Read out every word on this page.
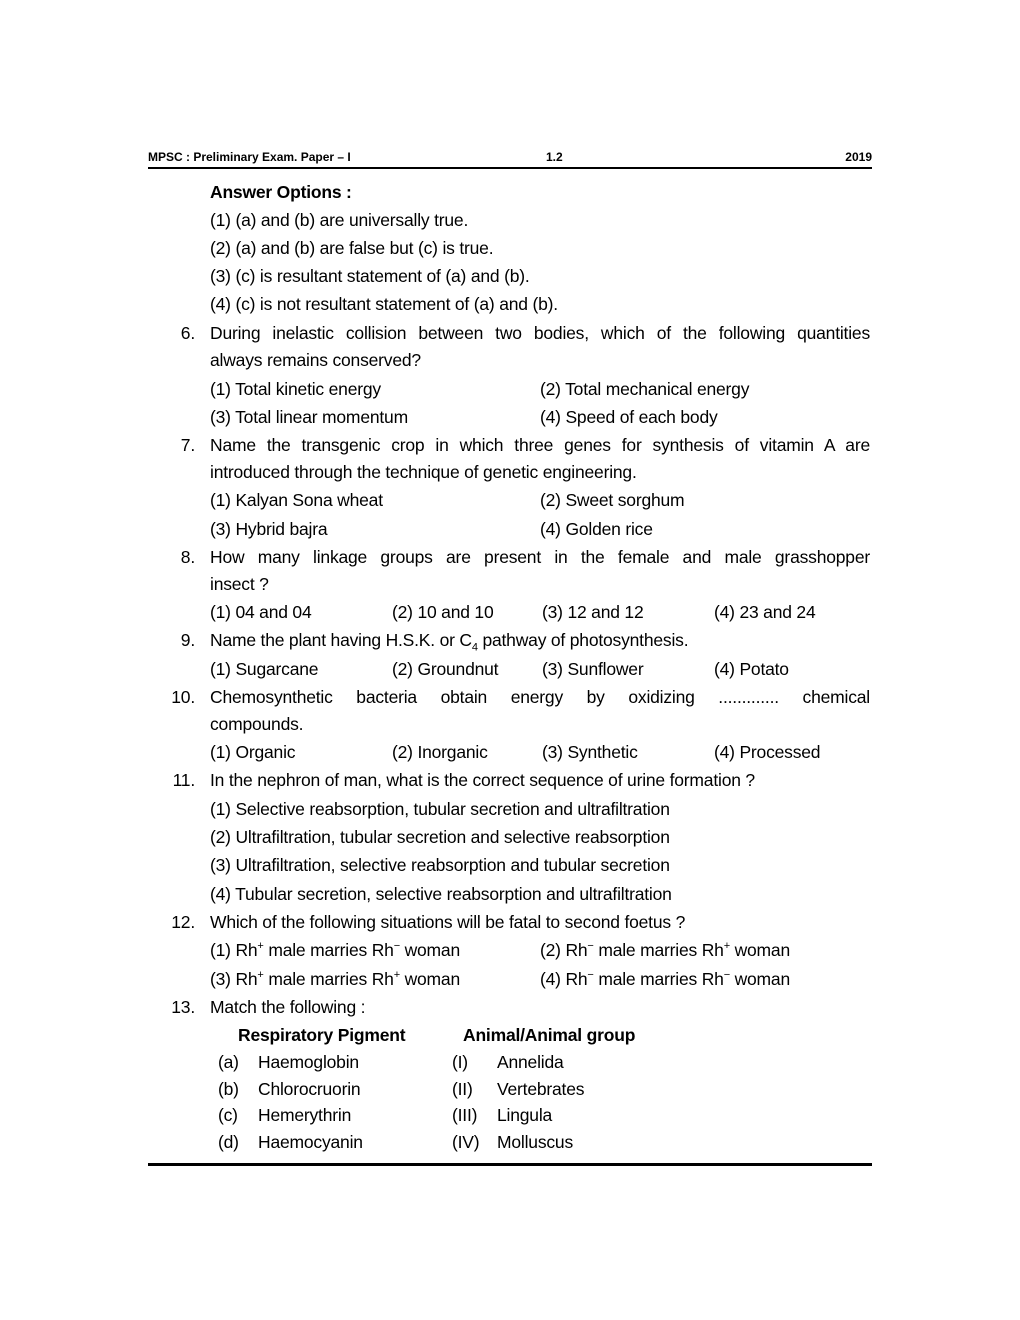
MPSC : Preliminary Exam. Paper – I	1.2	2019
Answer Options :
(1) (a) and (b) are universally true.
(2) (a) and (b) are false but (c) is true.
(3) (c) is resultant statement of (a) and (b).
(4) (c) is not resultant statement of (a) and (b).
6. During inelastic collision between two bodies, which of the following quantities
always remains conserved?
(1) Total kinetic energy	(2) Total mechanical energy
(3) Total linear momentum	(4) Speed of each body
7. Name the transgenic crop in which three genes for synthesis of vitamin A are
introduced through the technique of genetic engineering.
(1) Kalyan Sona wheat	(2) Sweet sorghum
(3) Hybrid bajra	(4) Golden rice
8. How many linkage groups are present in the female and male grasshopper
insect ?
(1) 04 and 04	(2) 10 and 10	(3) 12 and 12	(4) 23 and 24
9. Name the plant having H.S.K. or $C_4$ pathway of photosynthesis.
(1) Sugarcane	(2) Groundnut (3) Sunflower	(4) Potato
10. Chemosynthetic bacteria obtain energy by oxidizing ............. chemical
compounds.
(1) Organic	(2) Inorganic	(3) Synthetic	(4) Processed
11. In the nephron of man, what is the correct sequence of urine formation ?
(1) Selective reabsorption, tubular secretion and ultrafiltration
(2) Ultrafiltration, tubular secretion and selective reabsorption
(3) Ultrafiltration, selective reabsorption and tubular secretion
(4) Tubular secretion, selective reabsorption and ultrafiltration
12. Which of the following situations will be fatal to second foetus ?
(1) Rh+ male marries Rh− woman	(2) Rh− male marries Rh+ woman
(3) Rh+ male marries Rh+ woman	(4) Rh− male marries Rh− woman
13. Match the following :
Respiratory Pigment	Animal/Animal group
(a) Haemoglobin	(I) Annelida
(b) Chlorocruorin	(II) Vertebrates
(c) Hemerythrin	(III) Lingula
(d) Haemocyanin	(IV) Molluscus
